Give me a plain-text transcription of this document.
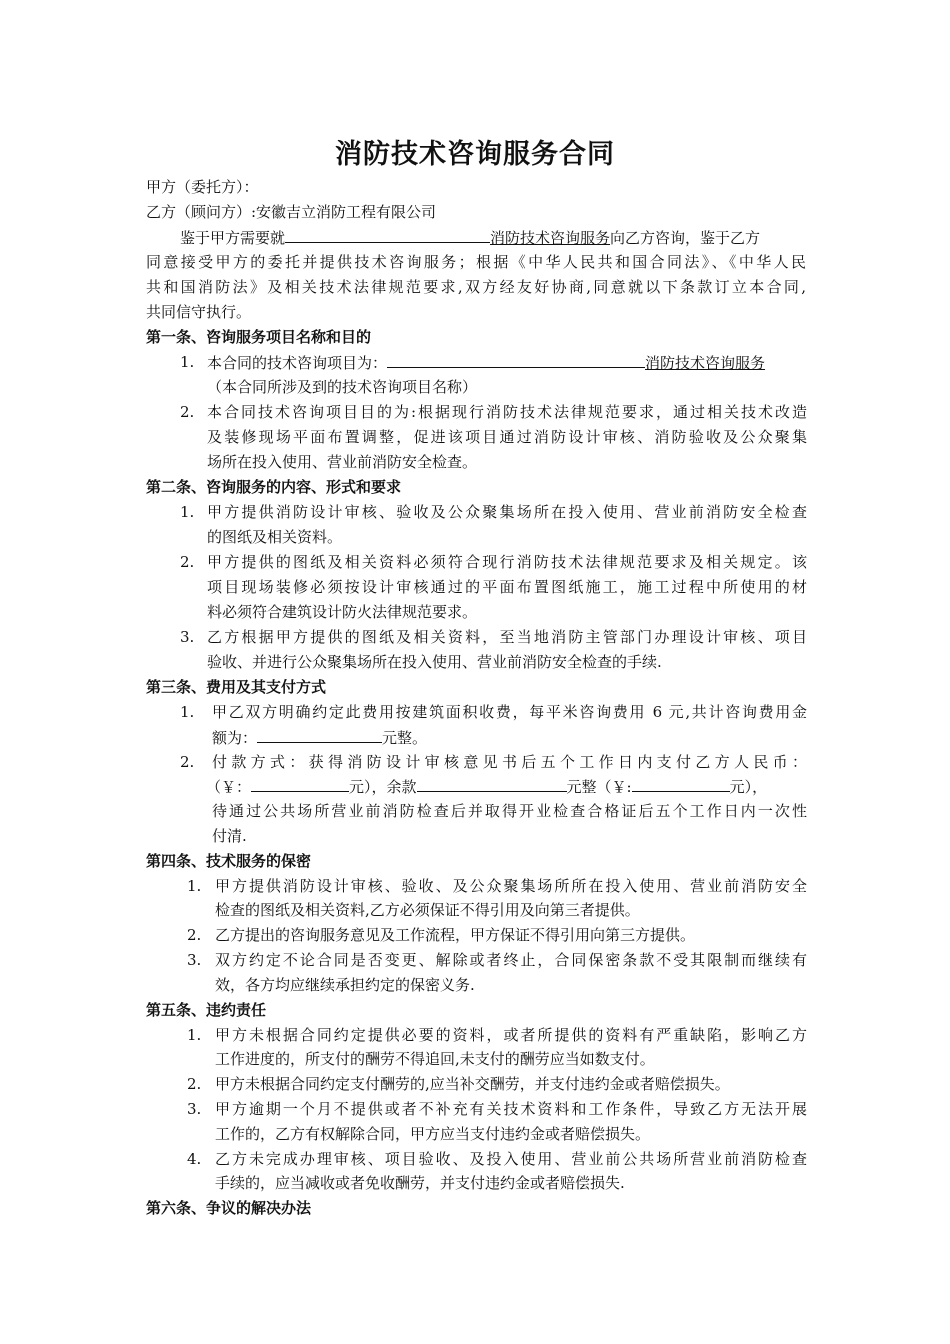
消防技术咨询服务合同
甲方（委托方）：
乙方（顾问方）:安徽吉立消防工程有限公司
鉴于甲方需要就	消防技术咨询服务向乙方咨询，鉴于乙方
同意接受甲方的委托并提供技术咨询服务；根据《中华人民共和国合同法》、《中华人民
共和国消防法》及相关技术法律规范要求,双方经友好协商,同意就以下条款订立本合同,
共同信守执行。
第一条、咨询服务项目名称和目的
1. 本合同的技术咨询项目为：	消防技术咨询服务
（本合同所涉及到的技术咨询项目名称）
2. 本合同技术咨询项目目的为:根据现行消防技术法律规范要求，通过相关技术改造
及装修现场平面布置调整，促进该项目通过消防设计审核、消防验收及公众聚集
场所在投入使用、营业前消防安全检查。
第二条、咨询服务的内容、形式和要求
1. 甲方提供消防设计审核、验收及公众聚集场所在投入使用、营业前消防安全检查
的图纸及相关资料。
2. 甲方提供的图纸及相关资料必须符合现行消防技术法律规范要求及相关规定。该
项目现场装修必须按设计审核通过的平面布置图纸施工，施工过程中所使用的材
料必须符合建筑设计防火法律规范要求。
3. 乙方根据甲方提供的图纸及相关资料，至当地消防主管部门办理设计审核、项目
验收、并进行公众聚集场所在投入使用、营业前消防安全检查的手续.
第三条、费用及其支付方式
1. 甲乙双方明确约定此费用按建筑面积收费，每平米咨询费用 6 元,共计咨询费用金
额为：	元整。
2. 付款方式：获得消防设计审核意见书后五个工作日内支付乙方人民币：
（￥：	元），余款	元整（￥:	元），
待通过公共场所营业前消防检查后并取得开业检查合格证后五个工作日内一次性
付清.
第四条、技术服务的保密
1. 甲方提供消防设计审核、验收、及公众聚集场所所在投入使用、营业前消防安全
检查的图纸及相关资料,乙方必须保证不得引用及向第三者提供。
2. 乙方提出的咨询服务意见及工作流程，甲方保证不得引用向第三方提供。
3. 双方约定不论合同是否变更、解除或者终止，合同保密条款不受其限制而继续有
效，各方均应继续承担约定的保密义务.
第五条、违约责任
1. 甲方未根据合同约定提供必要的资料，或者所提供的资料有严重缺陷，影响乙方
工作进度的，所支付的酬劳不得追回,未支付的酬劳应当如数支付。
2. 甲方未根据合同约定支付酬劳的,应当补交酬劳，并支付违约金或者赔偿损失。
3. 甲方逾期一个月不提供或者不补充有关技术资料和工作条件，导致乙方无法开展
工作的，乙方有权解除合同，甲方应当支付违约金或者赔偿损失。
4. 乙方未完成办理审核、项目验收、及投入使用、营业前公共场所营业前消防检查
手续的，应当减收或者免收酬劳，并支付违约金或者赔偿损失.
第六条、争议的解决办法
